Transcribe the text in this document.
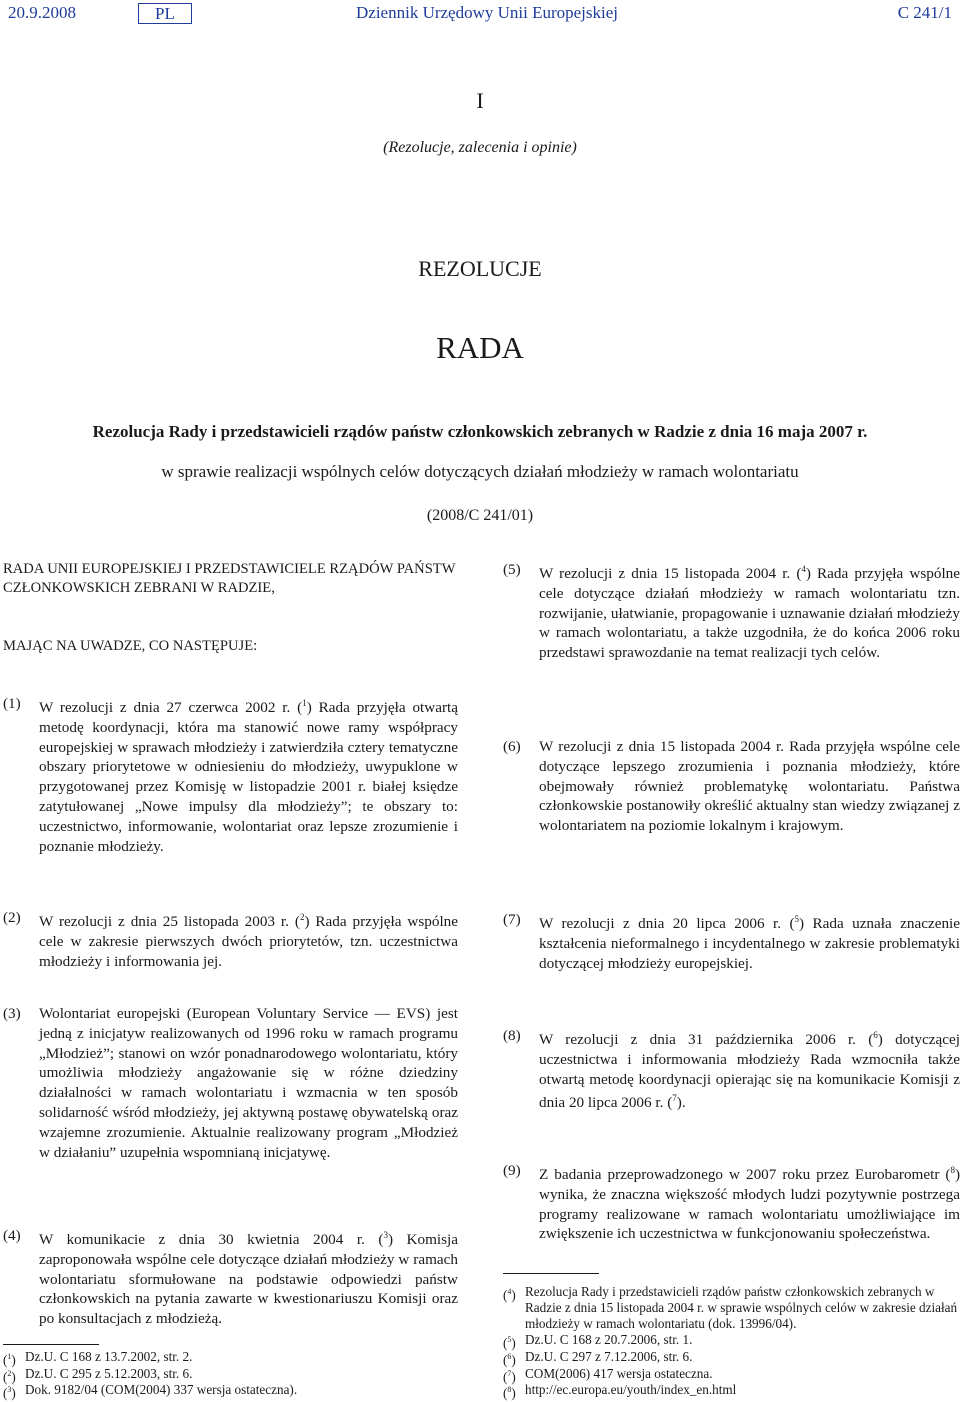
20.9.2008	PL	Dziennik Urzędowy Unii Europejskiej	C 241/1
I
(Rezolucje, zalecenia i opinie)
REZOLUCJE
RADA
Rezolucja Rady i przedstawicieli rządów państw członkowskich zebranych w Radzie z dnia 16 maja 2007 r.
w sprawie realizacji wspólnych celów dotyczących działań młodzieży w ramach wolontariatu
(2008/C 241/01)
RADA UNII EUROPEJSKIEJ I PRZEDSTAWICIELE RZĄDÓW PAŃSTW CZŁONKOWSKICH ZEBRANI W RADZIE,
MAJĄC NA UWADZE, CO NASTĘPUJE:
(1) W rezolucji z dnia 27 czerwca 2002 r. ($^1$) Rada przyjęła otwartą metodę koordynacji, która ma stanowić nowe ramy współpracy europejskiej w sprawach młodzieży i zatwierdziła cztery tematyczne obszary priorytetowe w odniesieniu do młodzieży, uwypuklone w przygotowanej przez Komisję w listopadzie 2001 r. białej księdze zatytułowanej „Nowe impulsy dla młodzieży”; te obszary to: uczestnictwo, informowanie, wolontariat oraz lepsze zrozumienie i poznanie młodzieży.
(2) W rezolucji z dnia 25 listopada 2003 r. ($^2$) Rada przyjęła wspólne cele w zakresie pierwszych dwóch priorytetów, tzn. uczestnictwa młodzieży i informowania jej.
(3) Wolontariat europejski (European Voluntary Service — EVS) jest jedną z inicjatyw realizowanych od 1996 roku w ramach programu „Młodzież”; stanowi on wzór ponadnarodowego wolontariatu, który umożliwia młodzieży angażowanie się w różne dziedziny działalności w ramach wolontariatu i wzmacnia w ten sposób solidarność wśród młodzieży, jej aktywną postawę obywatelską oraz wzajemne zrozumienie. Aktualnie realizowany program „Młodzież w działaniu” uzupełnia wspomnianą inicjatywę.
(4) W komunikacie z dnia 30 kwietnia 2004 r. ($^3$) Komisja zaproponowała wspólne cele dotyczące działań młodzieży w ramach wolontariatu sformułowane na podstawie odpowiedzi państw członkowskich na pytania zawarte w kwestionariuszu Komisji oraz po konsultacjach z młodzieżą.
(5) W rezolucji z dnia 15 listopada 2004 r. ($^4$) Rada przyjęła wspólne cele dotyczące działań młodzieży w ramach wolontariatu tzn. rozwijanie, ułatwianie, propagowanie i uznawanie działań młodzieży w ramach wolontariatu, a także uzgodniła, że do końca 2006 roku przedstawi sprawozdanie na temat realizacji tych celów.
(6) W rezolucji z dnia 15 listopada 2004 r. Rada przyjęła wspólne cele dotyczące lepszego zrozumienia i poznania młodzieży, które obejmowały również problematykę wolontariatu. Państwa członkowskie postanowiły określić aktualny stan wiedzy związanej z wolontariatem na poziomie lokalnym i krajowym.
(7) W rezolucji z dnia 20 lipca 2006 r. ($^5$) Rada uznała znaczenie kształcenia nieformalnego i incydentalnego w zakresie problematyki dotyczącej młodzieży europejskiej.
(8) W rezolucji z dnia 31 października 2006 r. ($^6$) dotyczącej uczestnictwa i informowania młodzieży Rada wzmocniła także otwartą metodę koordynacji opierając się na komunikacie Komisji z dnia 20 lipca 2006 r. ($^7$).
(9) Z badania przeprowadzonego w 2007 roku przez Eurobarometr ($^8$) wynika, że znaczna większość młodych ludzi pozytywnie postrzega programy realizowane w ramach wolontariatu umożliwiające im zwiększenie ich uczestnictwa w funkcjonowaniu społeczeństwa.
($^1$) Dz.U. C 168 z 13.7.2002, str. 2.
($^2$) Dz.U. C 295 z 5.12.2003, str. 6.
($^3$) Dok. 9182/04 (COM(2004) 337 wersja ostateczna).
($^4$) Rezolucja Rady i przedstawicieli rządów państw członkowskich zebranych w Radzie z dnia 15 listopada 2004 r. w sprawie wspólnych celów w zakresie działań młodzieży w ramach wolontariatu (dok. 13996/04).
($^5$) Dz.U. C 168 z 20.7.2006, str. 1.
($^6$) Dz.U. C 297 z 7.12.2006, str. 6.
($^7$) COM(2006) 417 wersja ostateczna.
($^8$) http://ec.europa.eu/youth/index_en.html
